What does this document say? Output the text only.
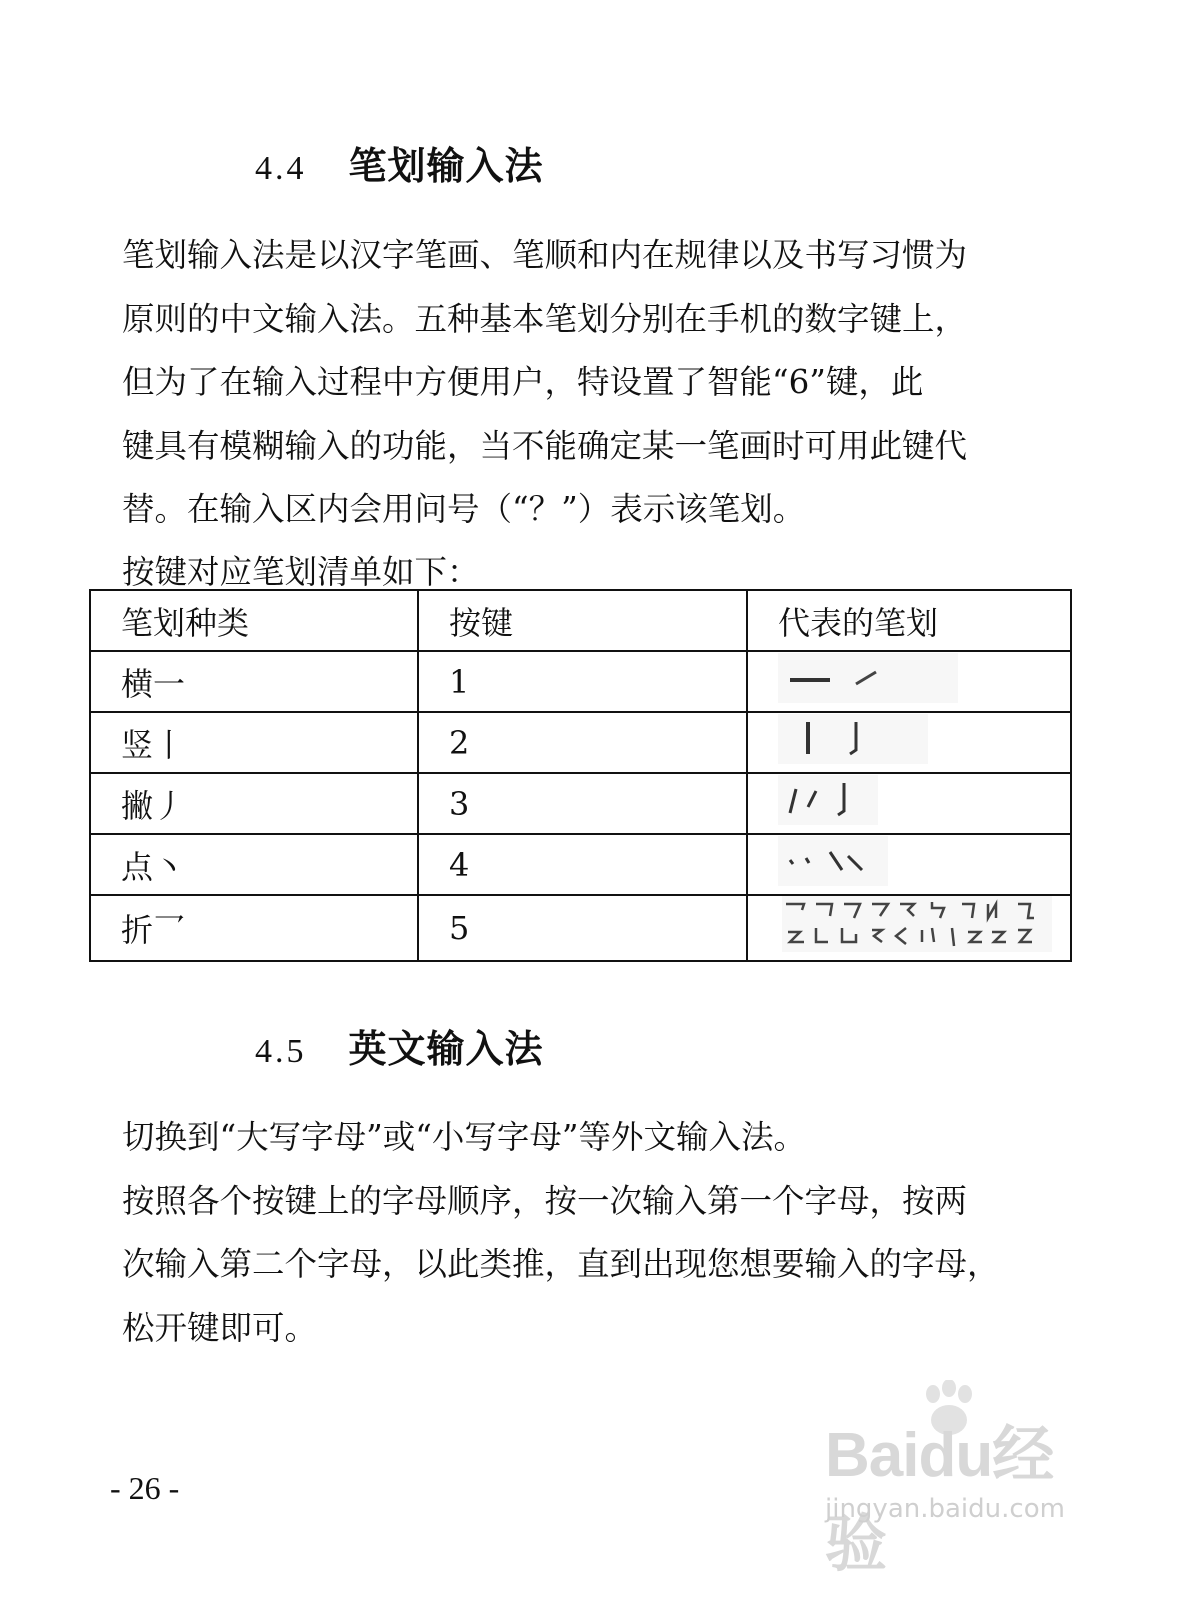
4.4 笔划输入法

笔划输入法是以汉字笔画、笔顺和内在规律以及书写习惯为

原则的中文输入法。五种基本笔划分别在手机的数字键上，

但为了在输入过程中方便用户，特设置了智能“6”键，此

键具有模糊输入的功能，当不能确定某一笔画时可用此键代

替。在输入区内会用问号（“？”）表示该笔划。

按键对应笔划清单如下：

笔划种类	按键	代表的笔划
横一	1	
竖丨	2	
撇丿	3	
点丶	4	
折乛	5	
4.5 英文输入法

切换到“大写字母”或“小写字母”等外文输入法。

按照各个按键上的字母顺序，按一次输入第一个字母，按两

次输入第二个字母，以此类推，直到出现您想要输入的字母，

松开键即可。

- 26 -	Baidu经验
jingyan.baidu.com
